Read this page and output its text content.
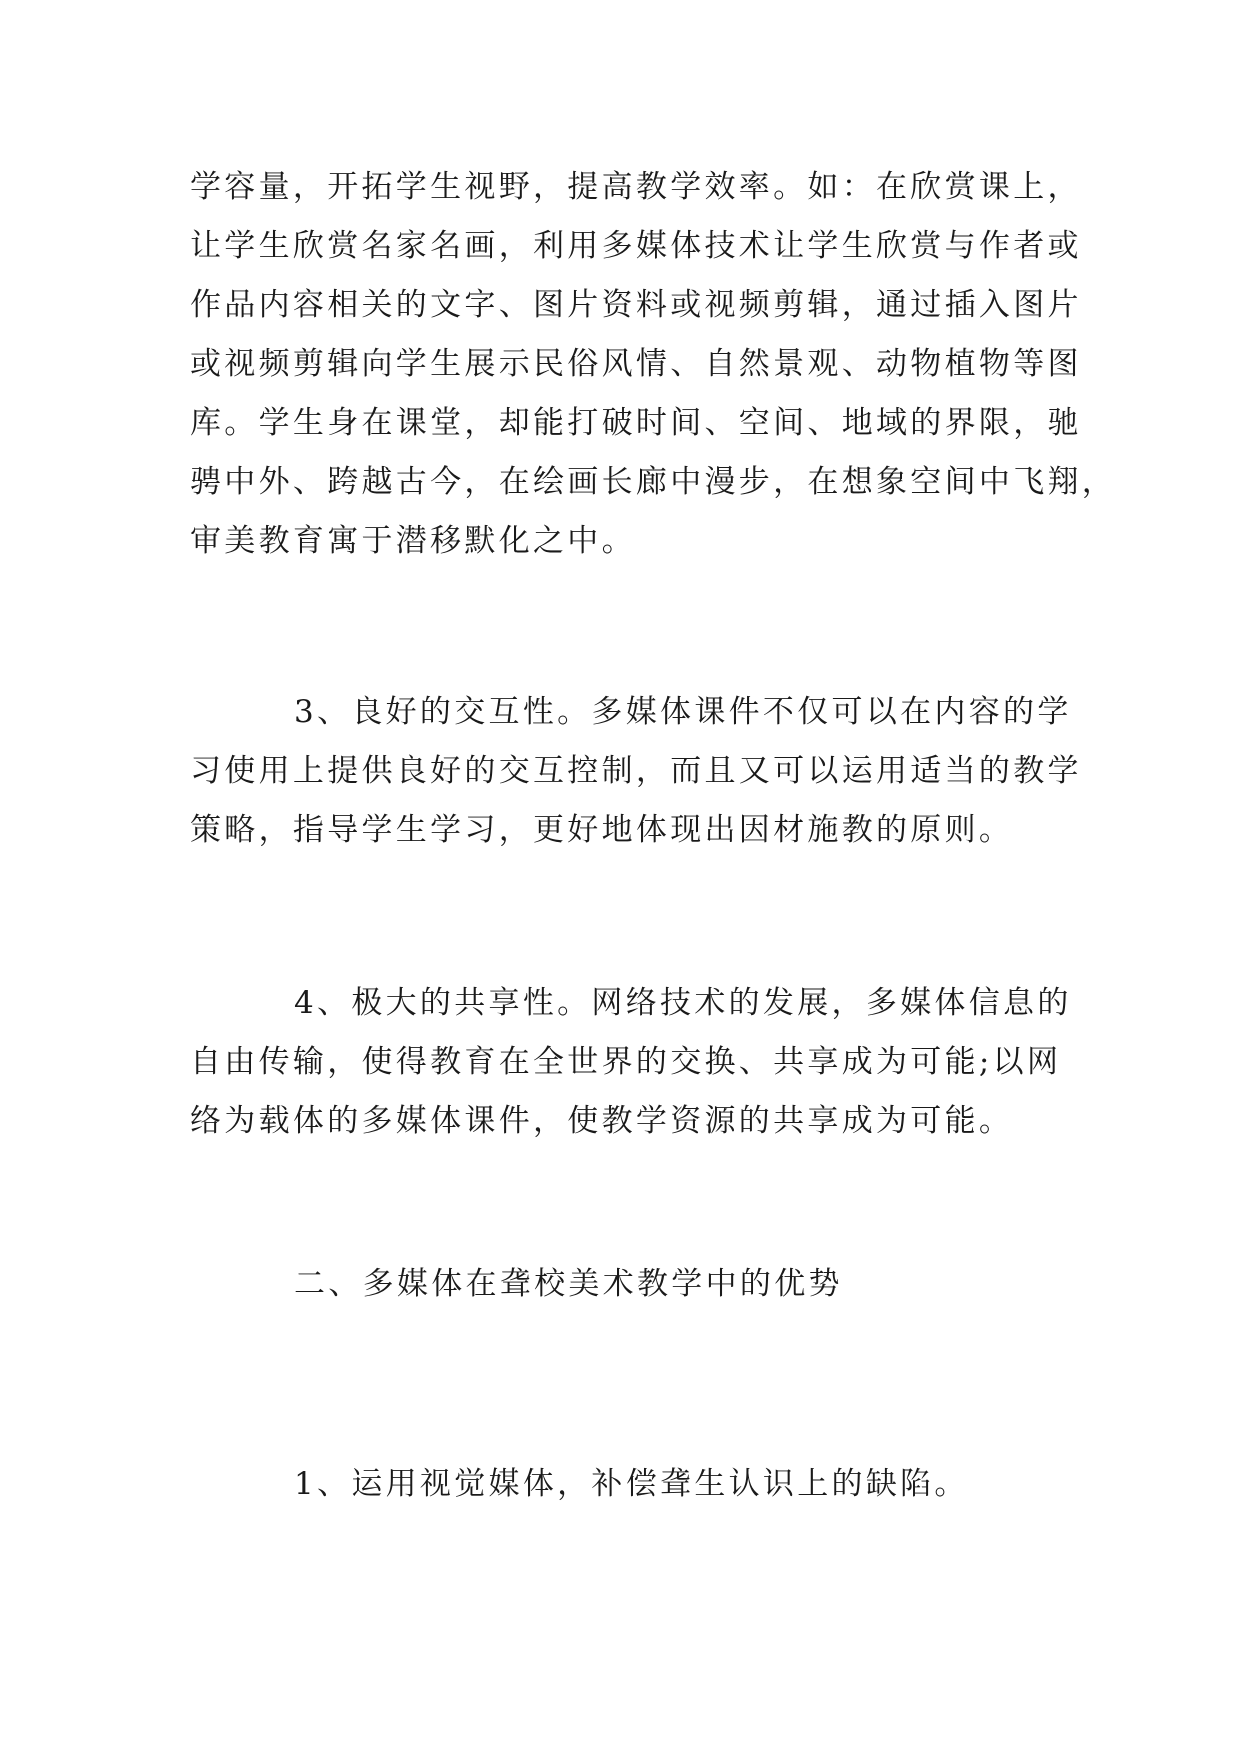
学容量，开拓学生视野，提高教学效率。如：在欣赏课上，
让学生欣赏名家名画，利用多媒体技术让学生欣赏与作者或
作品内容相关的文字、图片资料或视频剪辑，通过插入图片
或视频剪辑向学生展示民俗风情、自然景观、动物植物等图
库。学生身在课堂，却能打破时间、空间、地域的界限，驰
骋中外、跨越古今，在绘画长廊中漫步，在想象空间中飞翔，
审美教育寓于潜移默化之中。

3、良好的交互性。多媒体课件不仅可以在内容的学
习使用上提供良好的交互控制，而且又可以运用适当的教学
策略，指导学生学习，更好地体现出因材施教的原则。

4、极大的共享性。网络技术的发展，多媒体信息的
自由传输，使得教育在全世界的交换、共享成为可能;以网
络为载体的多媒体课件，使教学资源的共享成为可能。

二、多媒体在聋校美术教学中的优势

1、运用视觉媒体，补偿聋生认识上的缺陷。
